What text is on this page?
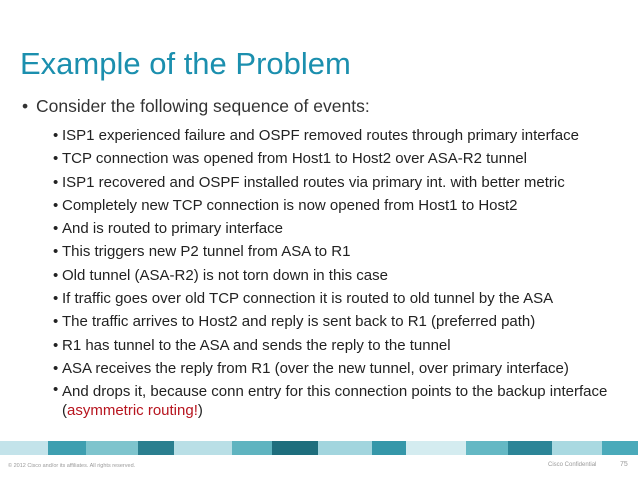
Example of the Problem
• Consider the following sequence of events:
• ISP1 experienced failure and OSPF removed routes through primary interface
• TCP connection was opened from Host1 to Host2 over ASA-R2 tunnel
• ISP1 recovered and OSPF installed routes via primary int. with better metric
• Completely new TCP connection is now opened from Host1 to Host2
• And is routed to primary interface
• This triggers new P2 tunnel from ASA to R1
• Old tunnel (ASA-R2) is not torn down in this case
• If traffic goes over old TCP connection it is routed to old tunnel by the ASA
• The traffic arrives to Host2 and reply is sent back to R1 (preferred path)
• R1 has tunnel to the ASA and sends the reply to the tunnel
• ASA receives the reply from R1 (over the new tunnel, over primary interface)
• And drops it, because conn entry for this connection points to the backup interface (asymmetric routing!)
© 2012 Cisco and/or its affiliates. All rights reserved.	Cisco Confidential	75
